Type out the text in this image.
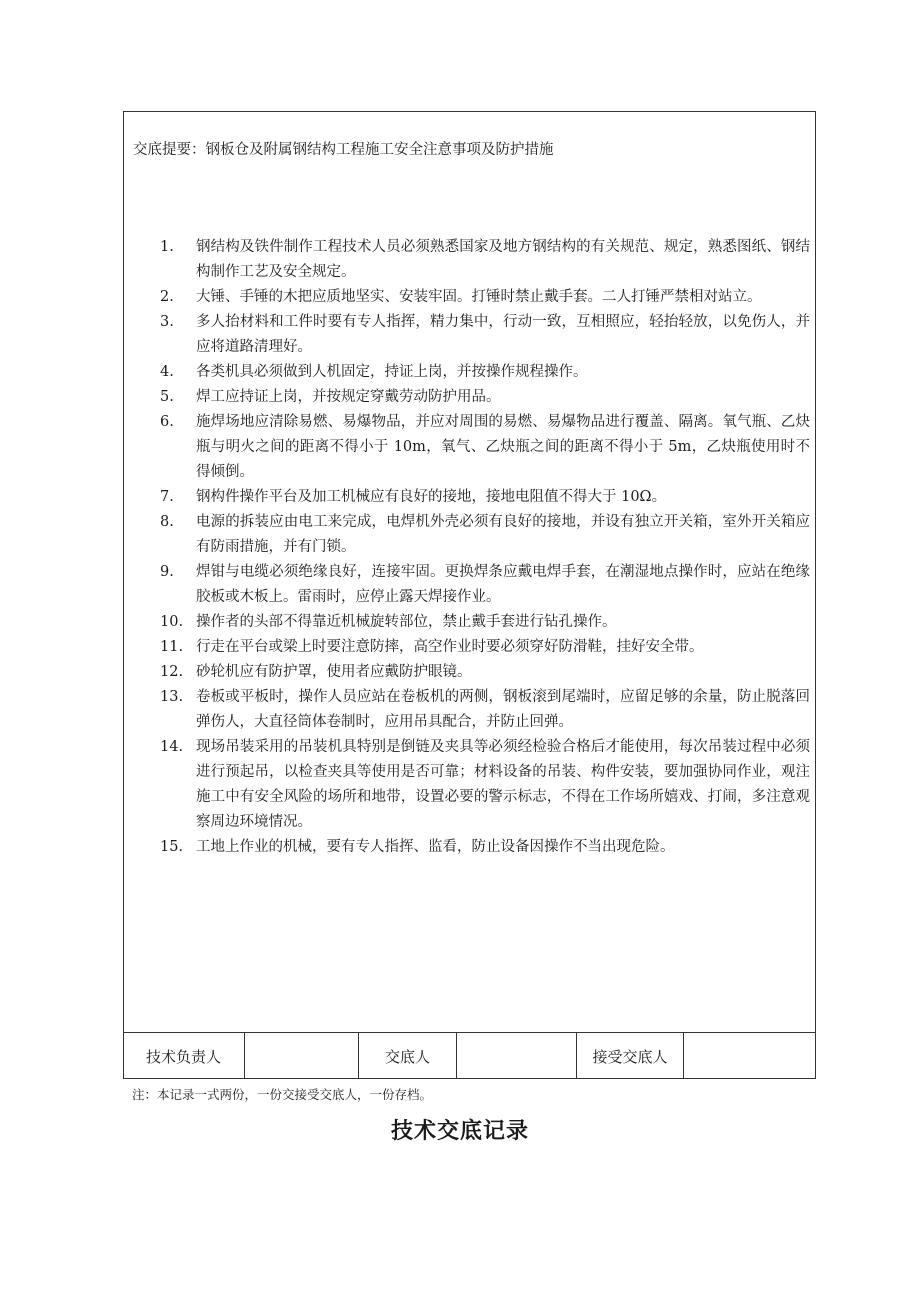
交底提要：钢板仓及附属钢结构工程施工安全注意事项及防护措施
1.	钢结构及铁件制作工程技术人员必须熟悉国家及地方钢结构的有关规范、规定，熟悉图纸、钢结构制作工艺及安全规定。
2.	大锤、手锤的木把应质地坚实、安装牢固。打锤时禁止戴手套。二人打锤严禁相对站立。
3.	多人抬材料和工件时要有专人指挥，精力集中，行动一致，互相照应，轻抬轻放，以免伤人，并应将道路清理好。
4.	各类机具必须做到人机固定，持证上岗，并按操作规程操作。
5.	焊工应持证上岗，并按规定穿戴劳动防护用品。
6.	施焊场地应清除易燃、易爆物品，并应对周围的易燃、易爆物品进行覆盖、隔离。氧气瓶、乙炔瓶与明火之间的距离不得小于 10m，氧气、乙炔瓶之间的距离不得小于 5m，乙炔瓶使用时不得倾倒。
7.	钢构件操作平台及加工机械应有良好的接地，接地电阻值不得大于 10Ω。
8.	电源的拆装应由电工来完成，电焊机外壳必须有良好的接地，并设有独立开关箱，室外开关箱应有防雨措施，并有门锁。
9.	焊钳与电缆必须绝缘良好，连接牢固。更换焊条应戴电焊手套，在潮湿地点操作时，应站在绝缘胶板或木板上。雷雨时，应停止露天焊接作业。
10. 操作者的头部不得靠近机械旋转部位，禁止戴手套进行钻孔操作。
11. 行走在平台或梁上时要注意防摔，高空作业时要必须穿好防滑鞋，挂好安全带。
12. 砂轮机应有防护罩，使用者应戴防护眼镜。
13. 卷板或平板时，操作人员应站在卷板机的两侧，钢板滚到尾端时，应留足够的余量，防止脱落回弹伤人，大直径筒体卷制时，应用吊具配合，并防止回弹。
14. 现场吊装采用的吊装机具特别是倒链及夹具等必须经检验合格后才能使用，每次吊装过程中必须进行预起吊，以检查夹具等使用是否可靠；材料设备的吊装、构件安装，要加强协同作业，观注施工中有安全风险的场所和地带，设置必要的警示标志，不得在工作场所嬉戏、打闹，多注意观察周边环境情况。
15. 工地上作业的机械，要有专人指挥、监看，防止设备因操作不当出现危险。
技术负责人	交底人	接受交底人
注：本记录一式两份，一份交接受交底人，一份存档。
技术交底记录
